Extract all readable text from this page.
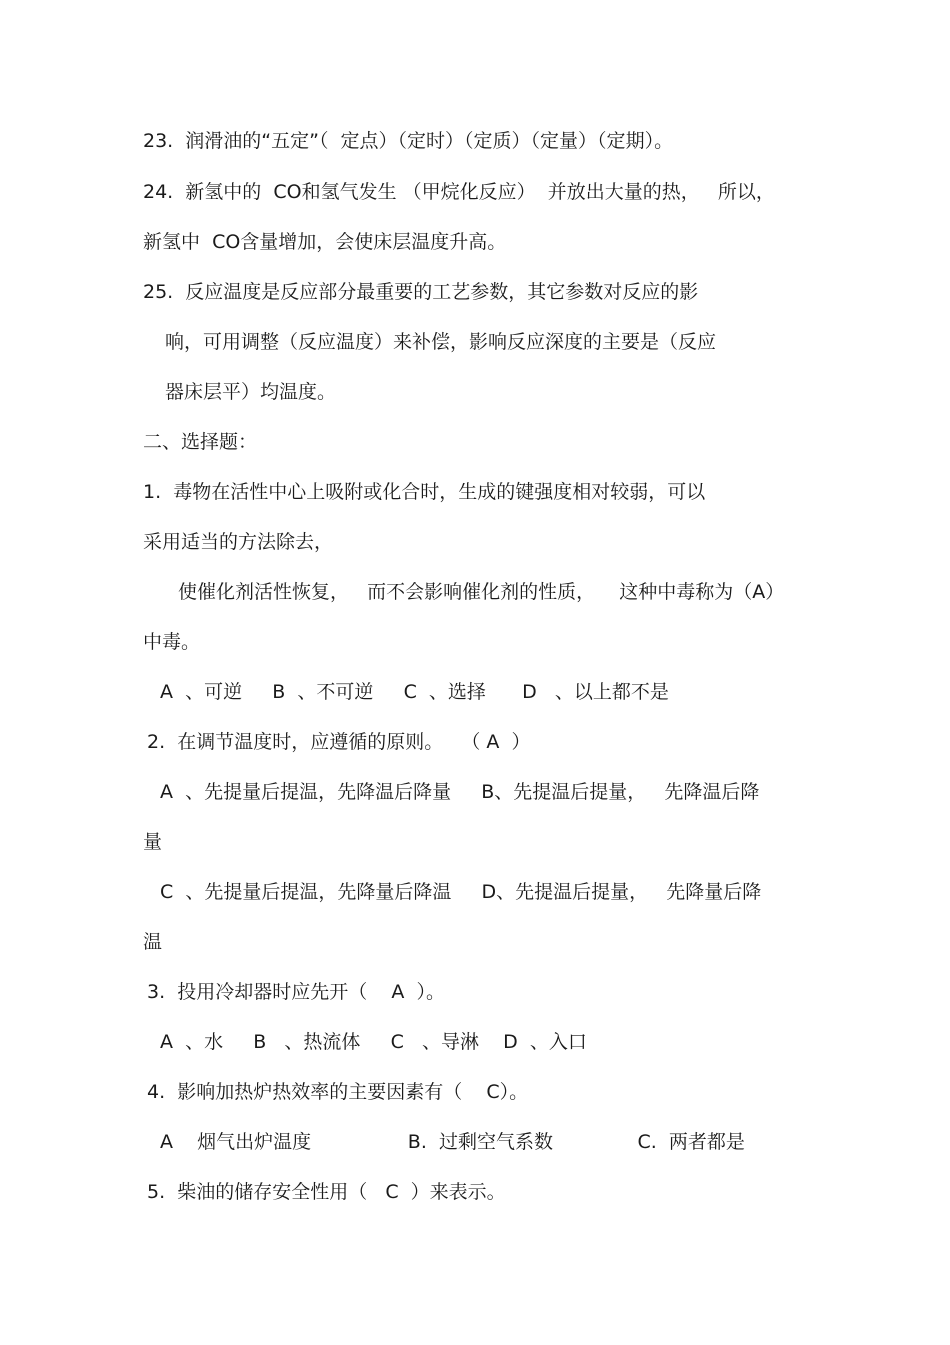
23.  润滑油的“五定”（  定点）（定时）（定质）（定量）（定期）。
24.  新氢中的  CO和氢气发生 （甲烷化反应）  并放出大量的热，   所以，
新氢中  CO含量增加，会使床层温度升高。
25.  反应温度是反应部分最重要的工艺参数，其它参数对反应的影
响，可用调整（反应温度）来补偿，影响反应深度的主要是（反应
器床层平）均温度。
二、选择题：
1.  毒物在活性中心上吸附或化合时，生成的键强度相对较弱，可以
采用适当的方法除去，
使催化剂活性恢复，   而不会影响催化剂的性质，    这种中毒称为（A）
中毒。
A  、可逆     B  、不可逆     C  、选择      D   、以上都不是
2.  在调节温度时，应遵循的原则。   （ A  ）
A  、先提量后提温，先降温后降量     B、先提温后提量，   先降温后降
量
C  、先提量后提温，先降量后降温     D、先提温后提量，   先降量后降
温
3.  投用冷却器时应先开（    A  ）。
A  、水     B   、热流体     C   、导淋    D  、入口
4.  影响加热炉热效率的主要因素有（    C）。
A    烟气出炉温度                B.  过剩空气系数              C.  两者都是
5.  柴油的储存安全性用（   C  ）来表示。
